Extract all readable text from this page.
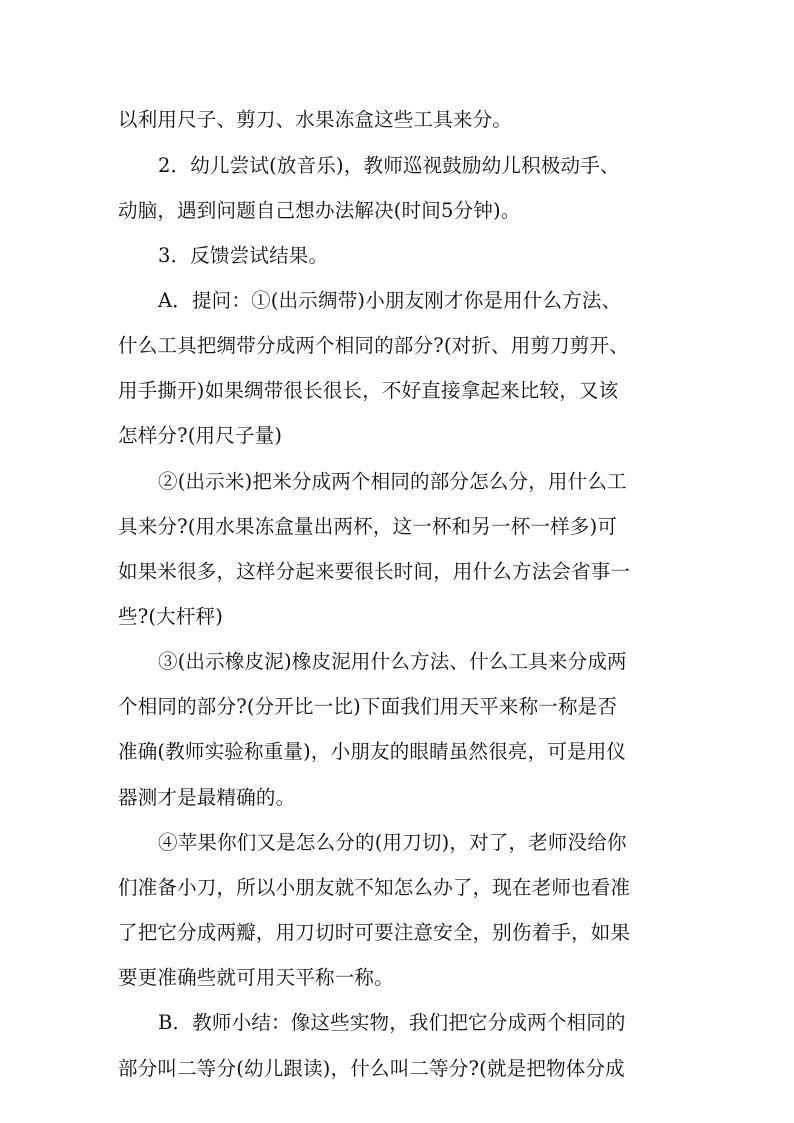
以利用尺子、剪刀、水果冻盒这些工具来分。
2．幼儿尝试(放音乐)，教师巡视鼓励幼儿积极动手、
动脑，遇到问题自己想办法解决(时间5分钟)。
3．反馈尝试结果。
A．提问：①(出示绸带)小朋友刚才你是用什么方法、
什么工具把绸带分成两个相同的部分?(对折、用剪刀剪开、
用手撕开)如果绸带很长很长，不好直接拿起来比较，又该
怎样分?(用尺子量)
②(出示米)把米分成两个相同的部分怎么分，用什么工
具来分?(用水果冻盒量出两杯，这一杯和另一杯一样多)可
如果米很多，这样分起来要很长时间，用什么方法会省事一
些?(大杆秤)
③(出示橡皮泥)橡皮泥用什么方法、什么工具来分成两
个相同的部分?(分开比一比)下面我们用天平来称一称是否
准确(教师实验称重量)，小朋友的眼睛虽然很亮，可是用仪
器测才是最精确的。
④苹果你们又是怎么分的(用刀切)，对了，老师没给你
们准备小刀，所以小朋友就不知怎么办了，现在老师也看准
了把它分成两瓣，用刀切时可要注意安全，别伤着手，如果
要更准确些就可用天平称一称。
B．教师小结：像这些实物，我们把它分成两个相同的
部分叫二等分(幼儿跟读)，什么叫二等分?(就是把物体分成
